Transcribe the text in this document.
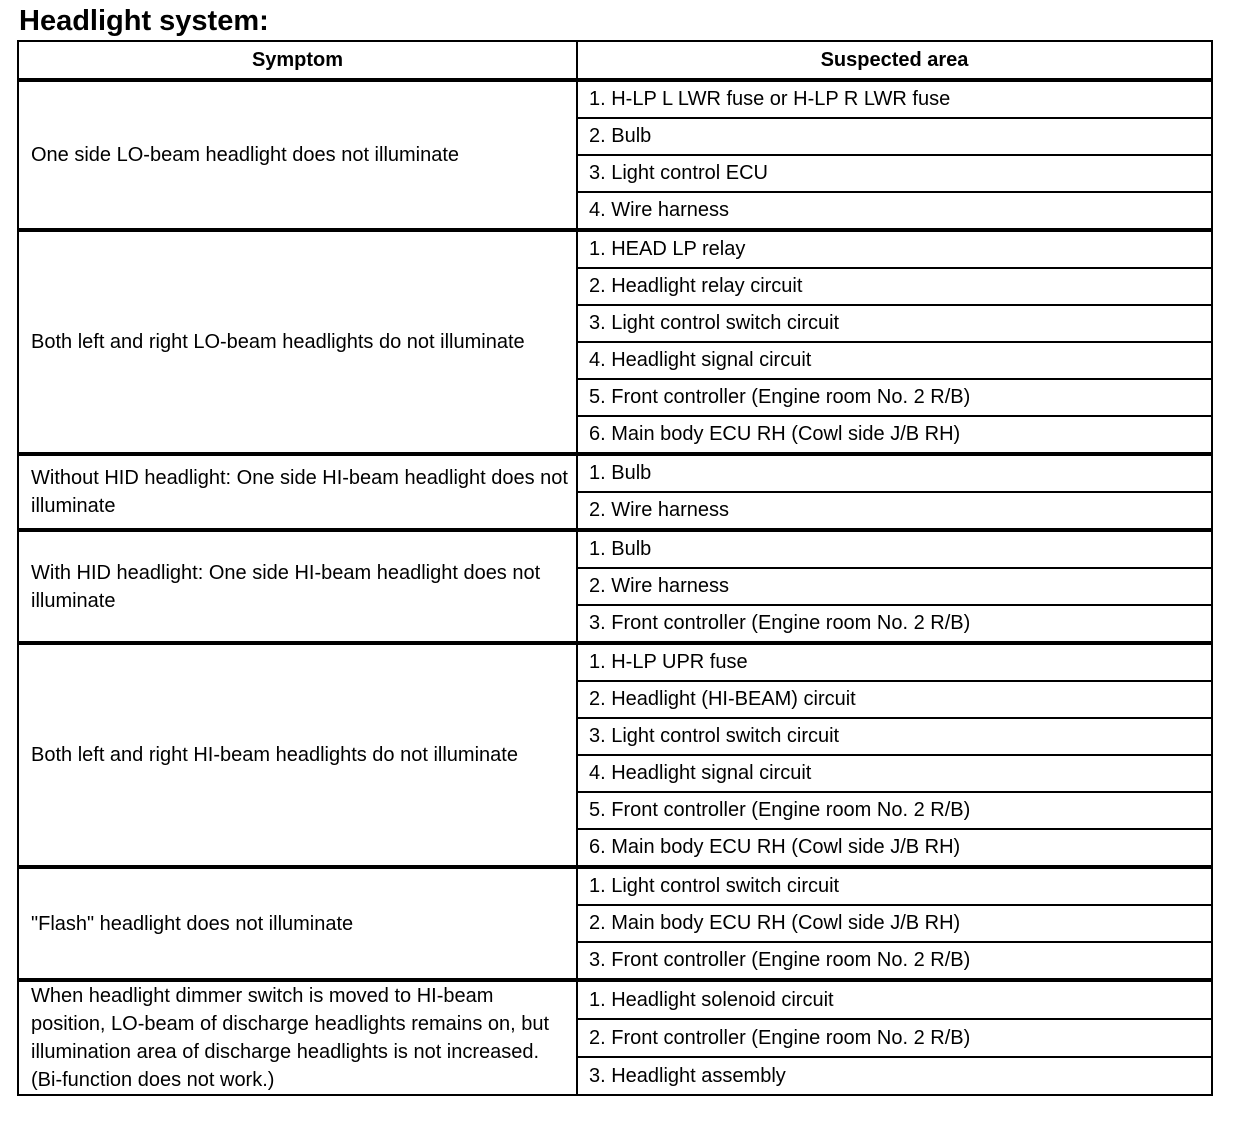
Headlight system:
Symptom	Suspected area
One side LO-beam headlight does not illuminate	1. H-LP L LWR fuse or H-LP R LWR fuse
	2. Bulb
	3. Light control ECU
	4. Wire harness
Both left and right LO-beam headlights do not illuminate	1. HEAD LP relay
	2. Headlight relay circuit
	3. Light control switch circuit
	4. Headlight signal circuit
	5. Front controller (Engine room No. 2 R/B)
	6. Main body ECU RH (Cowl side J/B RH)
Without HID headlight: One side HI-beam headlight does not illuminate	1. Bulb
	2. Wire harness
With HID headlight: One side HI-beam headlight does not illuminate	1. Bulb
	2. Wire harness
	3. Front controller (Engine room No. 2 R/B)
Both left and right HI-beam headlights do not illuminate	1. H-LP UPR fuse
	2. Headlight (HI-BEAM) circuit
	3. Light control switch circuit
	4. Headlight signal circuit
	5. Front controller (Engine room No. 2 R/B)
	6. Main body ECU RH (Cowl side J/B RH)
"Flash" headlight does not illuminate	1. Light control switch circuit
	2. Main body ECU RH (Cowl side J/B RH)
	3. Front controller (Engine room No. 2 R/B)
When headlight dimmer switch is moved to HI-beam position, LO-beam of discharge headlights remains on, but illumination area of discharge headlights is not increased. (Bi-function does not work.)	1. Headlight solenoid circuit
	2. Front controller (Engine room No. 2 R/B)
	3. Headlight assembly
